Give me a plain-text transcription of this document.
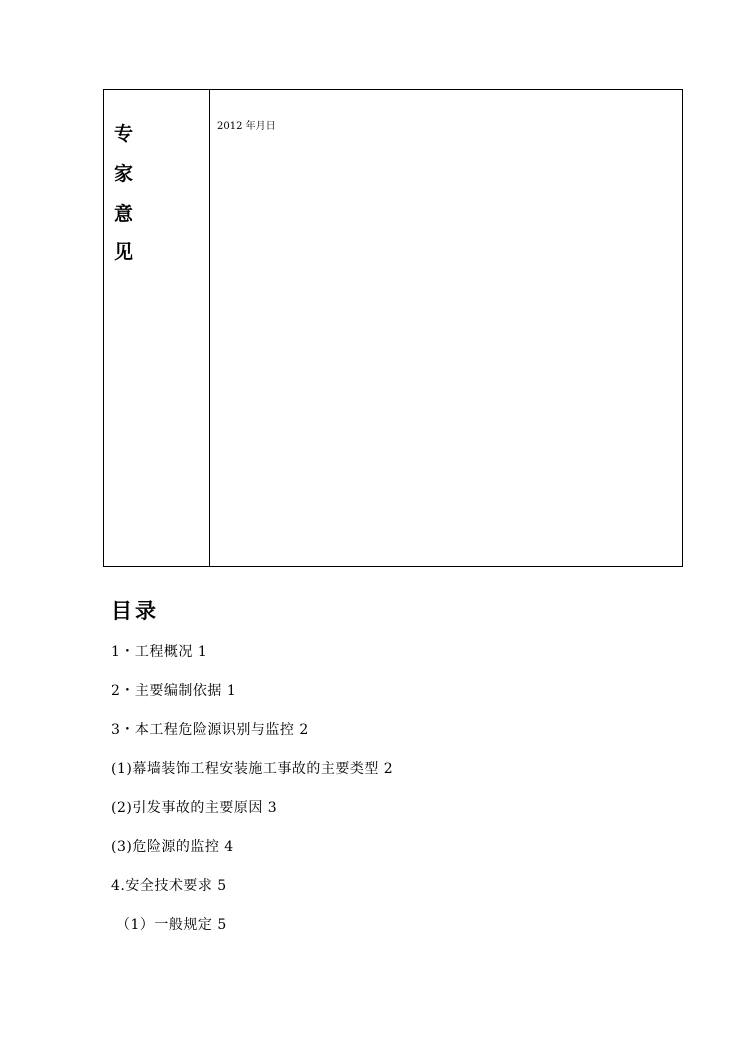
专
家
意
见
2012 年月日
目录
1・工程概况 1
2・主要编制依据 1
3・本工程危险源识别与监控 2
(1)幕墙装饰工程安装施工事故的主要类型 2
(2)引发事故的主要原因 3
(3)危险源的监控 4
4.安全技术要求 5
（1）一般规定 5
